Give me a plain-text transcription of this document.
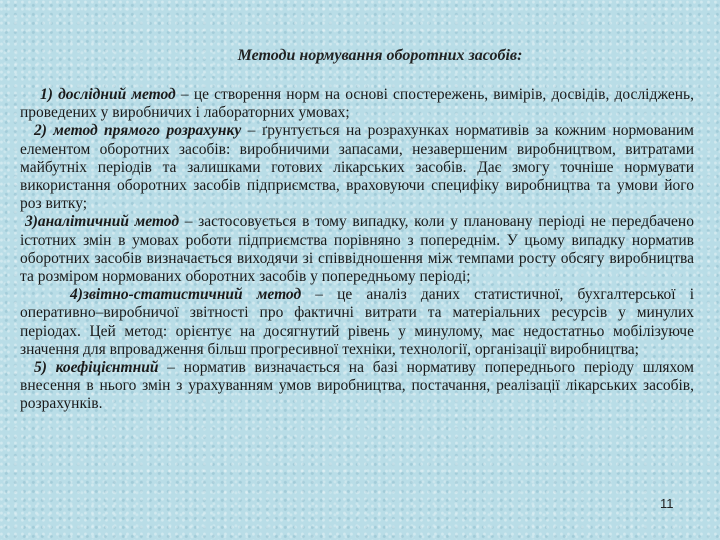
Методи нормування оборотних засобів:

1) дослідний метод – це створення норм на основі спостережень, вимірів, досвідів, досліджень, проведених у виробничих і лабораторних умовах;

2) метод прямого розрахунку – ґрунтується на розрахунках нормативів за кожним нормованим елементом оборотних засобів: виробничими запасами, незавершеним виробництвом, витратами майбутніх періодів та залишками готових лікарських засобів. Дає змогу точніше нормувати використання оборотних засобів підприємства, враховуючи специфіку виробництва та умови його роз витку;

3)аналітичний метод – застосовується в тому випадку, коли у плановану періоді не передбачено істотних змін в умовах роботи підприємства порівняно з попереднім. У цьому випадку норматив оборотних засобів визначається виходячи зі співвідношення між темпами росту обсягу виробництва та розміром нормованих оборотних засобів у попередньому періоді;

4)звітно-статистичний метод – це аналіз даних статистичної, бухгалтерської і оперативно–виробничої звітності про фактичні витрати та матеріальних ресурсів у минулих періодах. Цей метод: орієнтує на досягнутий рівень у минулому, має недостатньо мобілізуюче значення для впровадження більш прогресивної техніки, технології, організації виробництва;

5) коефіцієнтний – норматив визначається на базі нормативу попереднього періоду шляхом внесення в нього змін з урахуванням умов виробництва, постачання, реалізації лікарських засобів, розрахунків.

11
